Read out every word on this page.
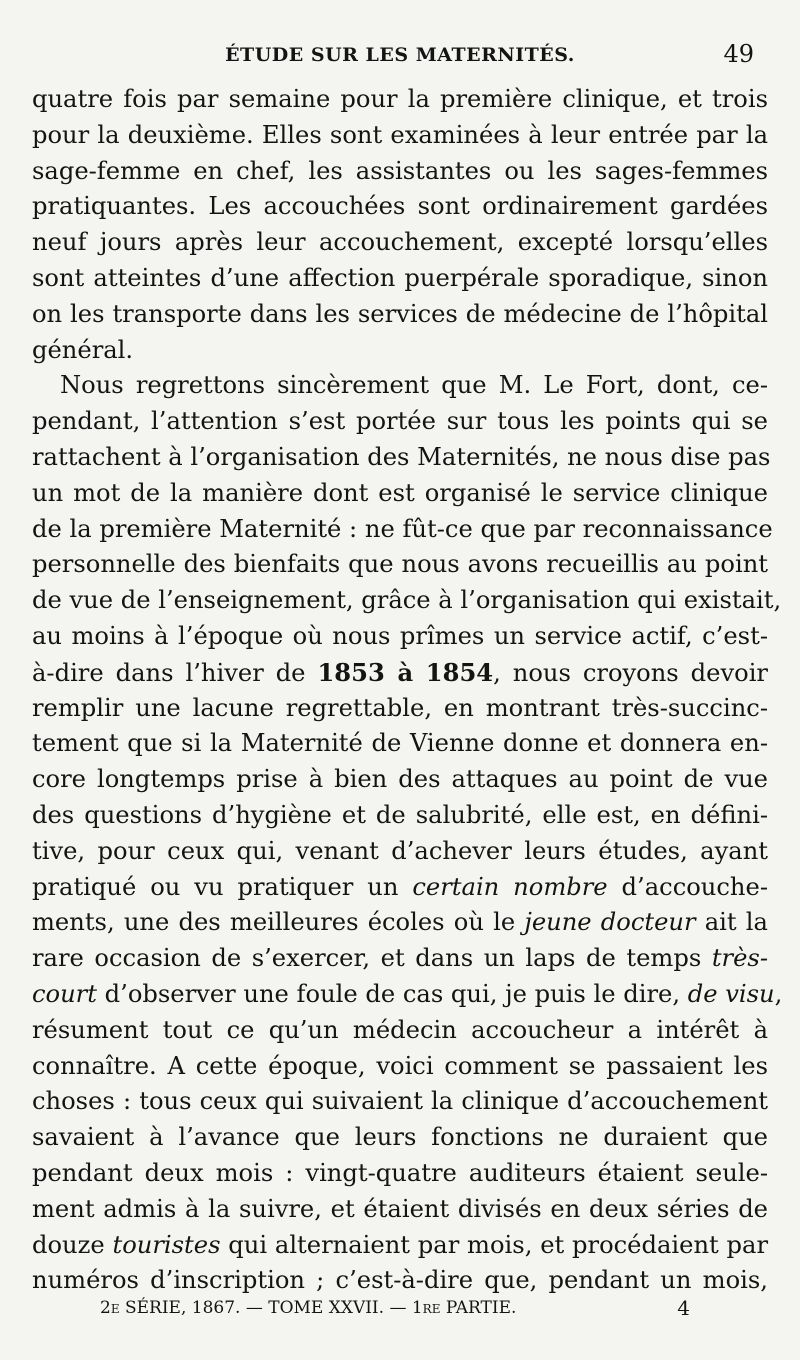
ÉTUDE SUR LES MATERNITÉS.	49
quatre fois par semaine pour la première clinique, et trois
pour la deuxième. Elles sont examinées à leur entrée par la
sage-femme en chef, les assistantes ou les sages-femmes
pratiquantes. Les accouchées sont ordinairement gardées
neuf jours après leur accouchement, excepté lorsqu’elles
sont atteintes d’une affection puerpérale sporadique, sinon
on les transporte dans les services de médecine de l’hôpital
général.
Nous regrettons sincèrement que M. Le Fort, dont, ce-
pendant, l’attention s’est portée sur tous les points qui se
rattachent à l’organisation des Maternités, ne nous dise pas
un mot de la manière dont est organisé le service clinique
de la première Maternité : ne fût-ce que par reconnaissance
personnelle des bienfaits que nous avons recueillis au point
de vue de l’enseignement, grâce à l’organisation qui existait,
au moins à l’époque où nous prîmes un service actif, c’est-
à-dire dans l’hiver de 1853 à 1854, nous croyons devoir
remplir une lacune regrettable, en montrant très-succinc-
tement que si la Maternité de Vienne donne et donnera en-
core longtemps prise à bien des attaques au point de vue
des questions d’hygiène et de salubrité, elle est, en défini-
tive, pour ceux qui, venant d’achever leurs études, ayant
pratiqué ou vu pratiquer un certain nombre d’accouche-
ments, une des meilleures écoles où le jeune docteur ait la
rare occasion de s’exercer, et dans un laps de temps très-
court d’observer une foule de cas qui, je puis le dire, de visu,
résument tout ce qu’un médecin accoucheur a intérêt à
connaître. A cette époque, voici comment se passaient les
choses : tous ceux qui suivaient la clinique d’accouchement
savaient à l’avance que leurs fonctions ne duraient que
pendant deux mois : vingt-quatre auditeurs étaient seule-
ment admis à la suivre, et étaient divisés en deux séries de
douze touristes qui alternaient par mois, et procédaient par
numéros d’inscription ; c’est-à-dire que, pendant un mois,
2e SÉRIE, 1867. — TOME XXVII. — 1re PARTIE.	4
